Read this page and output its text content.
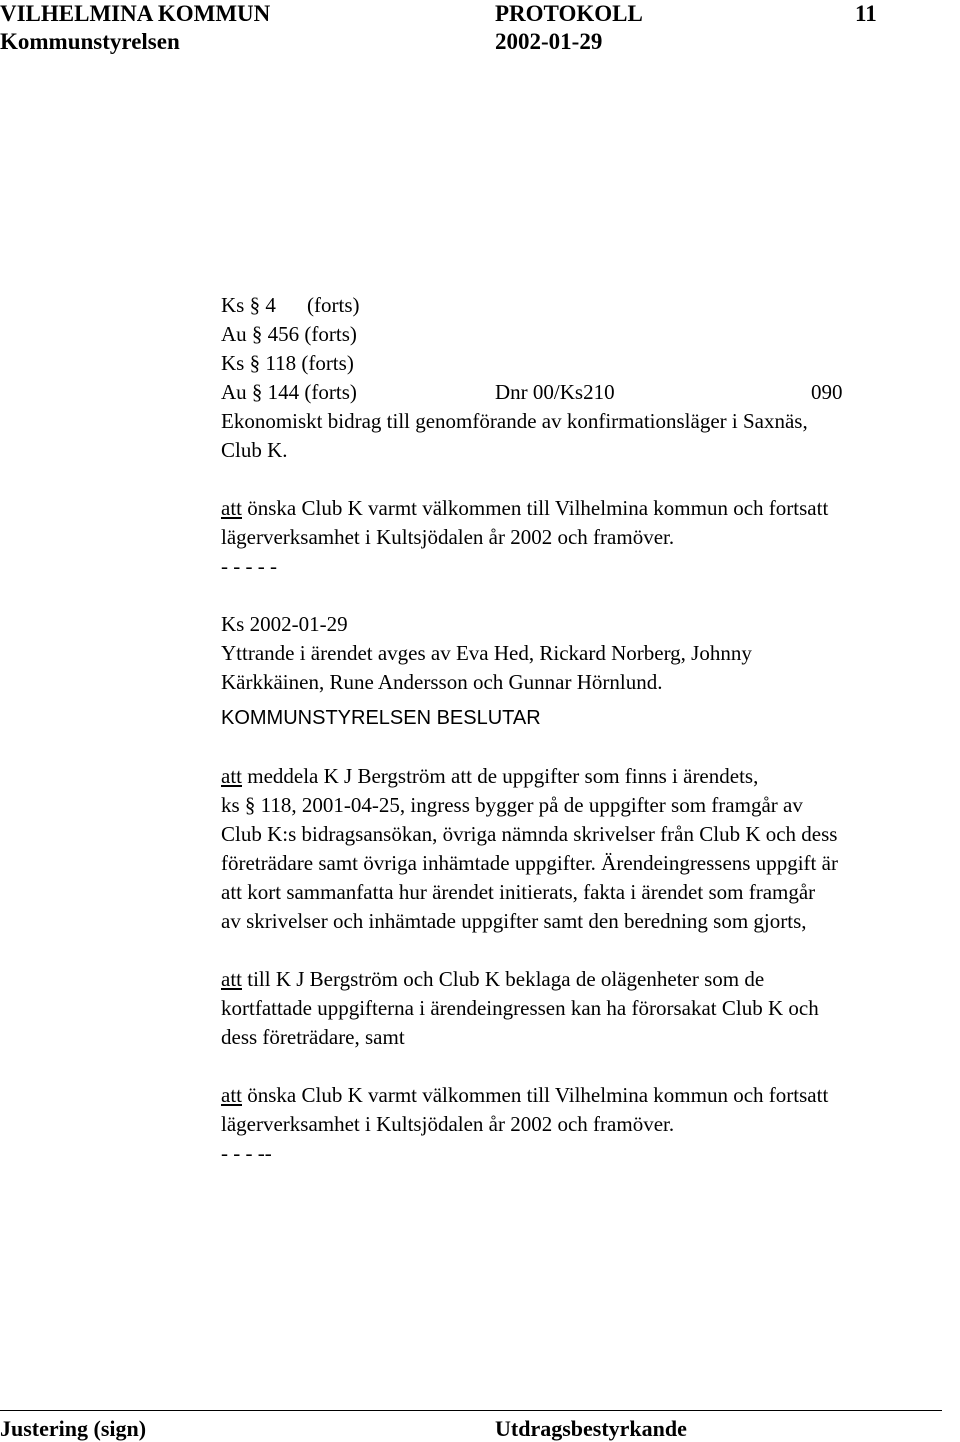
VILHELMINA KOMMUN	PROTOKOLL	11
Kommunstyrelsen	2002-01-29
Ks § 4 (forts)
Au § 456 (forts)
Ks § 118 (forts)
Au § 144 (forts)	Dnr 00/Ks210	090
Ekonomiskt bidrag till genomförande av konfirmationsläger i Saxnäs,
Club K.
att önska Club K varmt välkommen till Vilhelmina kommun och fortsatt
lägerverksamhet i Kultsjödalen år 2002 och framöver.
- - - - -
Ks 2002-01-29
Yttrande i ärendet avges av Eva Hed, Rickard Norberg, Johnny
Kärkkäinen, Rune Andersson och Gunnar Hörnlund.
KOMMUNSTYRELSEN BESLUTAR
att meddela K J Bergström att de uppgifter som finns i ärendets,
ks § 118, 2001-04-25, ingress bygger på de uppgifter som framgår av
Club K:s bidragsansökan, övriga nämnda skrivelser från Club K och dess
företrädare samt övriga inhämtade uppgifter. Ärendeingressens uppgift är
att kort sammanfatta hur ärendet initierats, fakta i ärendet som framgår
av skrivelser och inhämtade uppgifter samt den beredning som gjorts,
att till K J Bergström och Club K beklaga de olägenheter som de
kortfattade uppgifterna i ärendeingressen kan ha förorsakat Club K och
dess företrädare, samt
att önska Club K varmt välkommen till Vilhelmina kommun och fortsatt
lägerverksamhet i Kultsjödalen år 2002 och framöver.
- - - --
Justering (sign)	Utdragsbestyrkande
